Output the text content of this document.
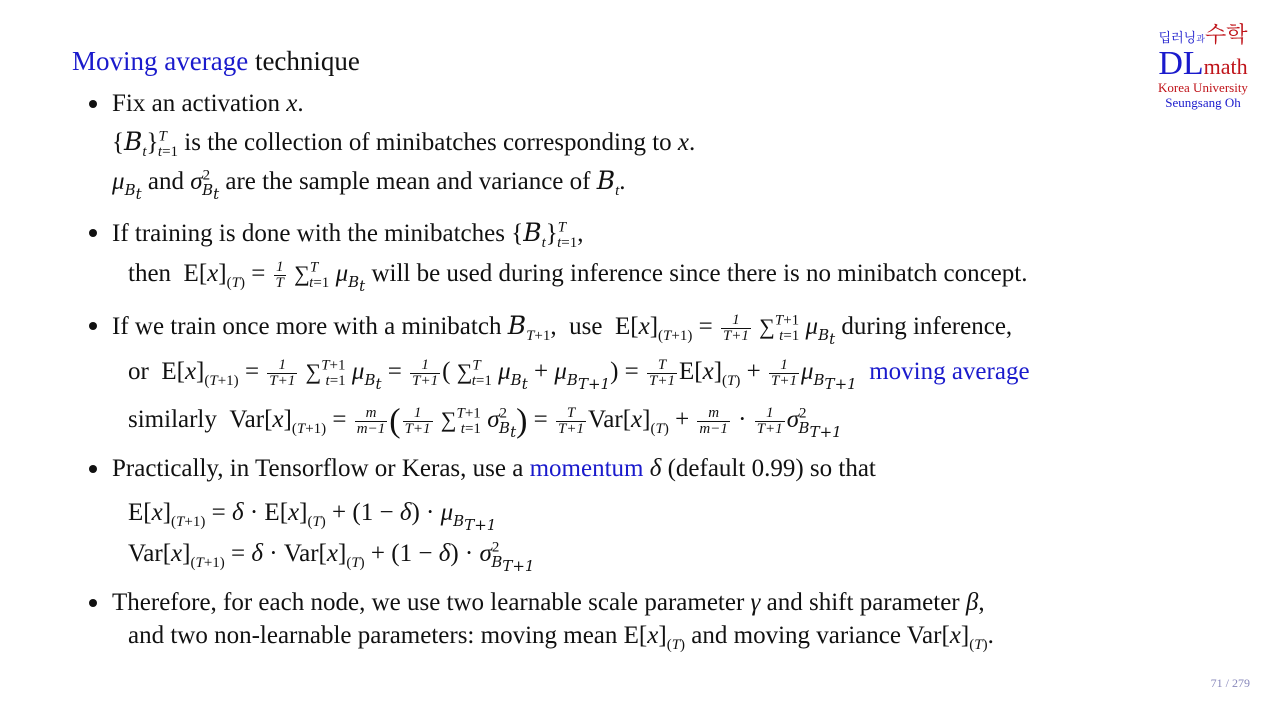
Moving average technique
딥러닝과수학
DLmath
Korea University
Seungsang Oh
Fix an activation x.
$\{B_t\}^T_{t=1}$ is the collection of minibatches corresponding to x.
$\mu_{B_t}$ and $\sigma^2_{B_t}$ are the sample mean and variance of $B_t$.
If training is done with the minibatches $\{B_t\}^T_{t=1}$,
then  $E[x]_{(T)} = \frac{1}{T} \sum^T_{t=1}$ $\mu_{B_t}$ will be used during inference since there is no minibatch concept.
If we train once more with a minibatch $B_{T+1}$,  use  $E[x]_{(T+1)} = \frac{1}{T+1} \sum^{T+1}_{t=1}$ $\mu_{B_t}$ during inference,
or  $E[x]_{(T+1)} = \frac{1}{T+1} \sum^{T+1}_{t=1}$ $\mu_{B_t} = \frac{1}{T+1}$ ( ∑$^T_{t=1}$ $\mu_{B_t} + \mu_{B_{T+1}}) = \frac{T}{T+1} E[x]_{(T)} + \frac{1}{T+1} \mu_{B_{T+1}}$ moving average
similarly  $Var[x]_{(T+1)} = \frac{m}{m-1}$ ( $\frac{1}{T+1} \sum^{T+1}_{t=1}$ $\sigma^2_{B_t}) = \frac{T}{T+1} Var[x]_{(T)} + \frac{m}{m-1} \cdot \frac{1}{T+1} \sigma^2_{B_{T+1}}$
Practically, in Tensorflow or Keras, use a momentum δ (default 0.99) so that
$E[x]_{(T+1)} = \delta \cdot E[x]_{(T)} + (1 - \delta) \cdot \mu_{B_{T+1}}$
$Var[x]_{(T+1)} = \delta \cdot Var[x]_{(T)} + (1 - \delta) \cdot \sigma^2_{B_{T+1}}$
Therefore, for each node, we use two learnable scale parameter γ and shift parameter β,
and two non-learnable parameters: moving mean $E[x]_{(T)}$ and moving variance $Var[x]_{(T)}$.
71 / 279
